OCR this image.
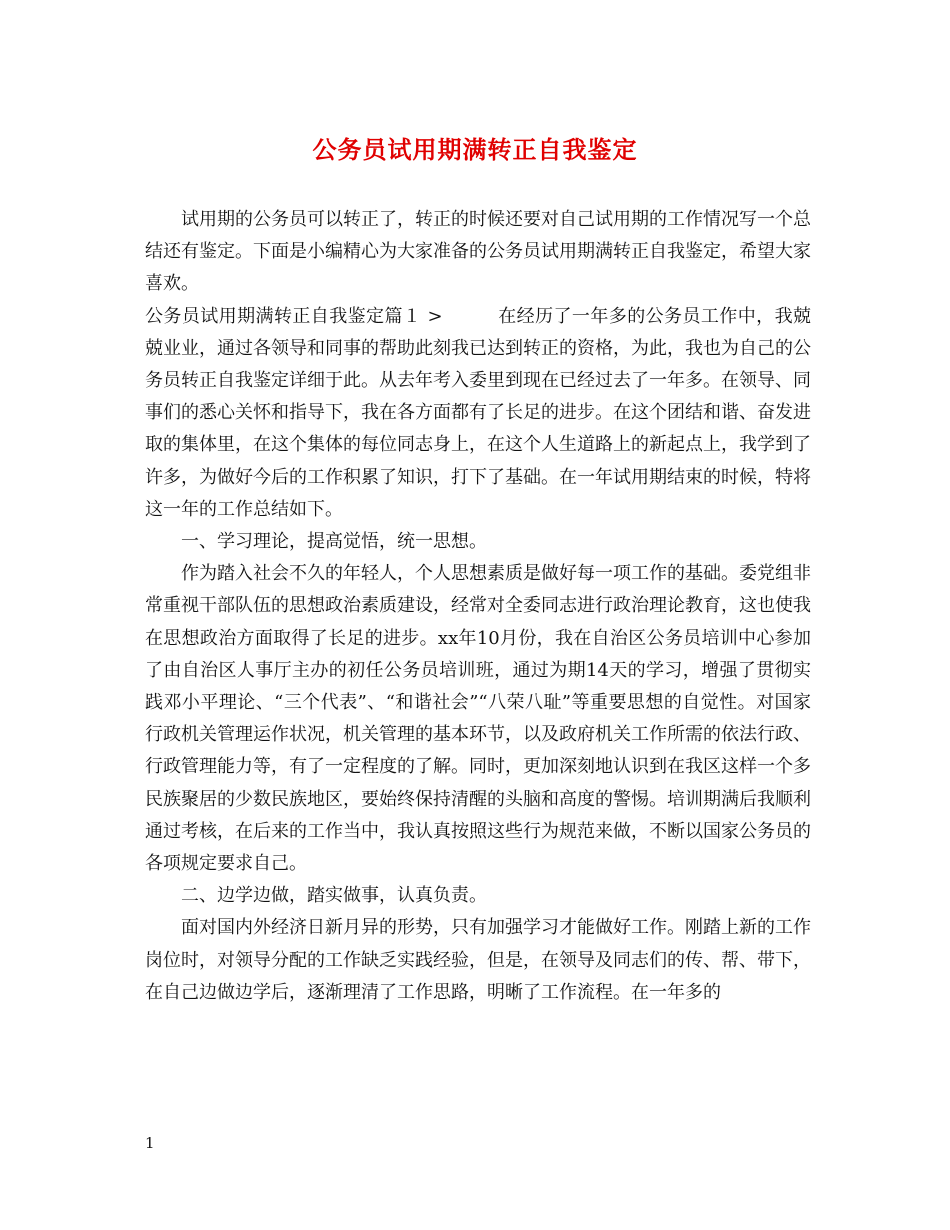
公务员试用期满转正自我鉴定

试用期的公务员可以转正了，转正的时候还要对自己试用期的工作情况写一个总结还有鉴定。下面是小编精心为大家准备的公务员试用期满转正自我鉴定，希望大家喜欢。

公务员试用期满转正自我鉴定篇１ >　　　在经历了一年多的公务员工作中，我兢兢业业，通过各领导和同事的帮助此刻我已达到转正的资格，为此，我也为自己的公务员转正自我鉴定详细于此。从去年考入委里到现在已经过去了一年多。在领导、同事们的悉心关怀和指导下，我在各方面都有了长足的进步。在这个团结和谐、奋发进取的集体里，在这个集体的每位同志身上，在这个人生道路上的新起点上，我学到了许多，为做好今后的工作积累了知识，打下了基础。在一年试用期结束的时候，特将这一年的工作总结如下。

一、学习理论，提高觉悟，统一思想。

作为踏入社会不久的年轻人，个人思想素质是做好每一项工作的基础。委党组非常重视干部队伍的思想政治素质建设，经常对全委同志进行政治理论教育，这也使我在思想政治方面取得了长足的进步。xx年10月份，我在自治区公务员培训中心参加了由自治区人事厅主办的初任公务员培训班，通过为期14天的学习，增强了贯彻实践邓小平理论、“三个代表”、“和谐社会”“八荣八耻”等重要思想的自觉性。对国家行政机关管理运作状况，机关管理的基本环节，以及政府机关工作所需的依法行政、行政管理能力等，有了一定程度的了解。同时，更加深刻地认识到在我区这样一个多民族聚居的少数民族地区，要始终保持清醒的头脑和高度的警惕。培训期满后我顺利通过考核，在后来的工作当中，我认真按照这些行为规范来做，不断以国家公务员的各项规定要求自己。

二、边学边做，踏实做事，认真负责。

面对国内外经济日新月异的形势，只有加强学习才能做好工作。刚踏上新的工作岗位时，对领导分配的工作缺乏实践经验，但是，在领导及同志们的传、帮、带下，在自己边做边学后，逐渐理清了工作思路，明晰了工作流程。在一年多的

1
